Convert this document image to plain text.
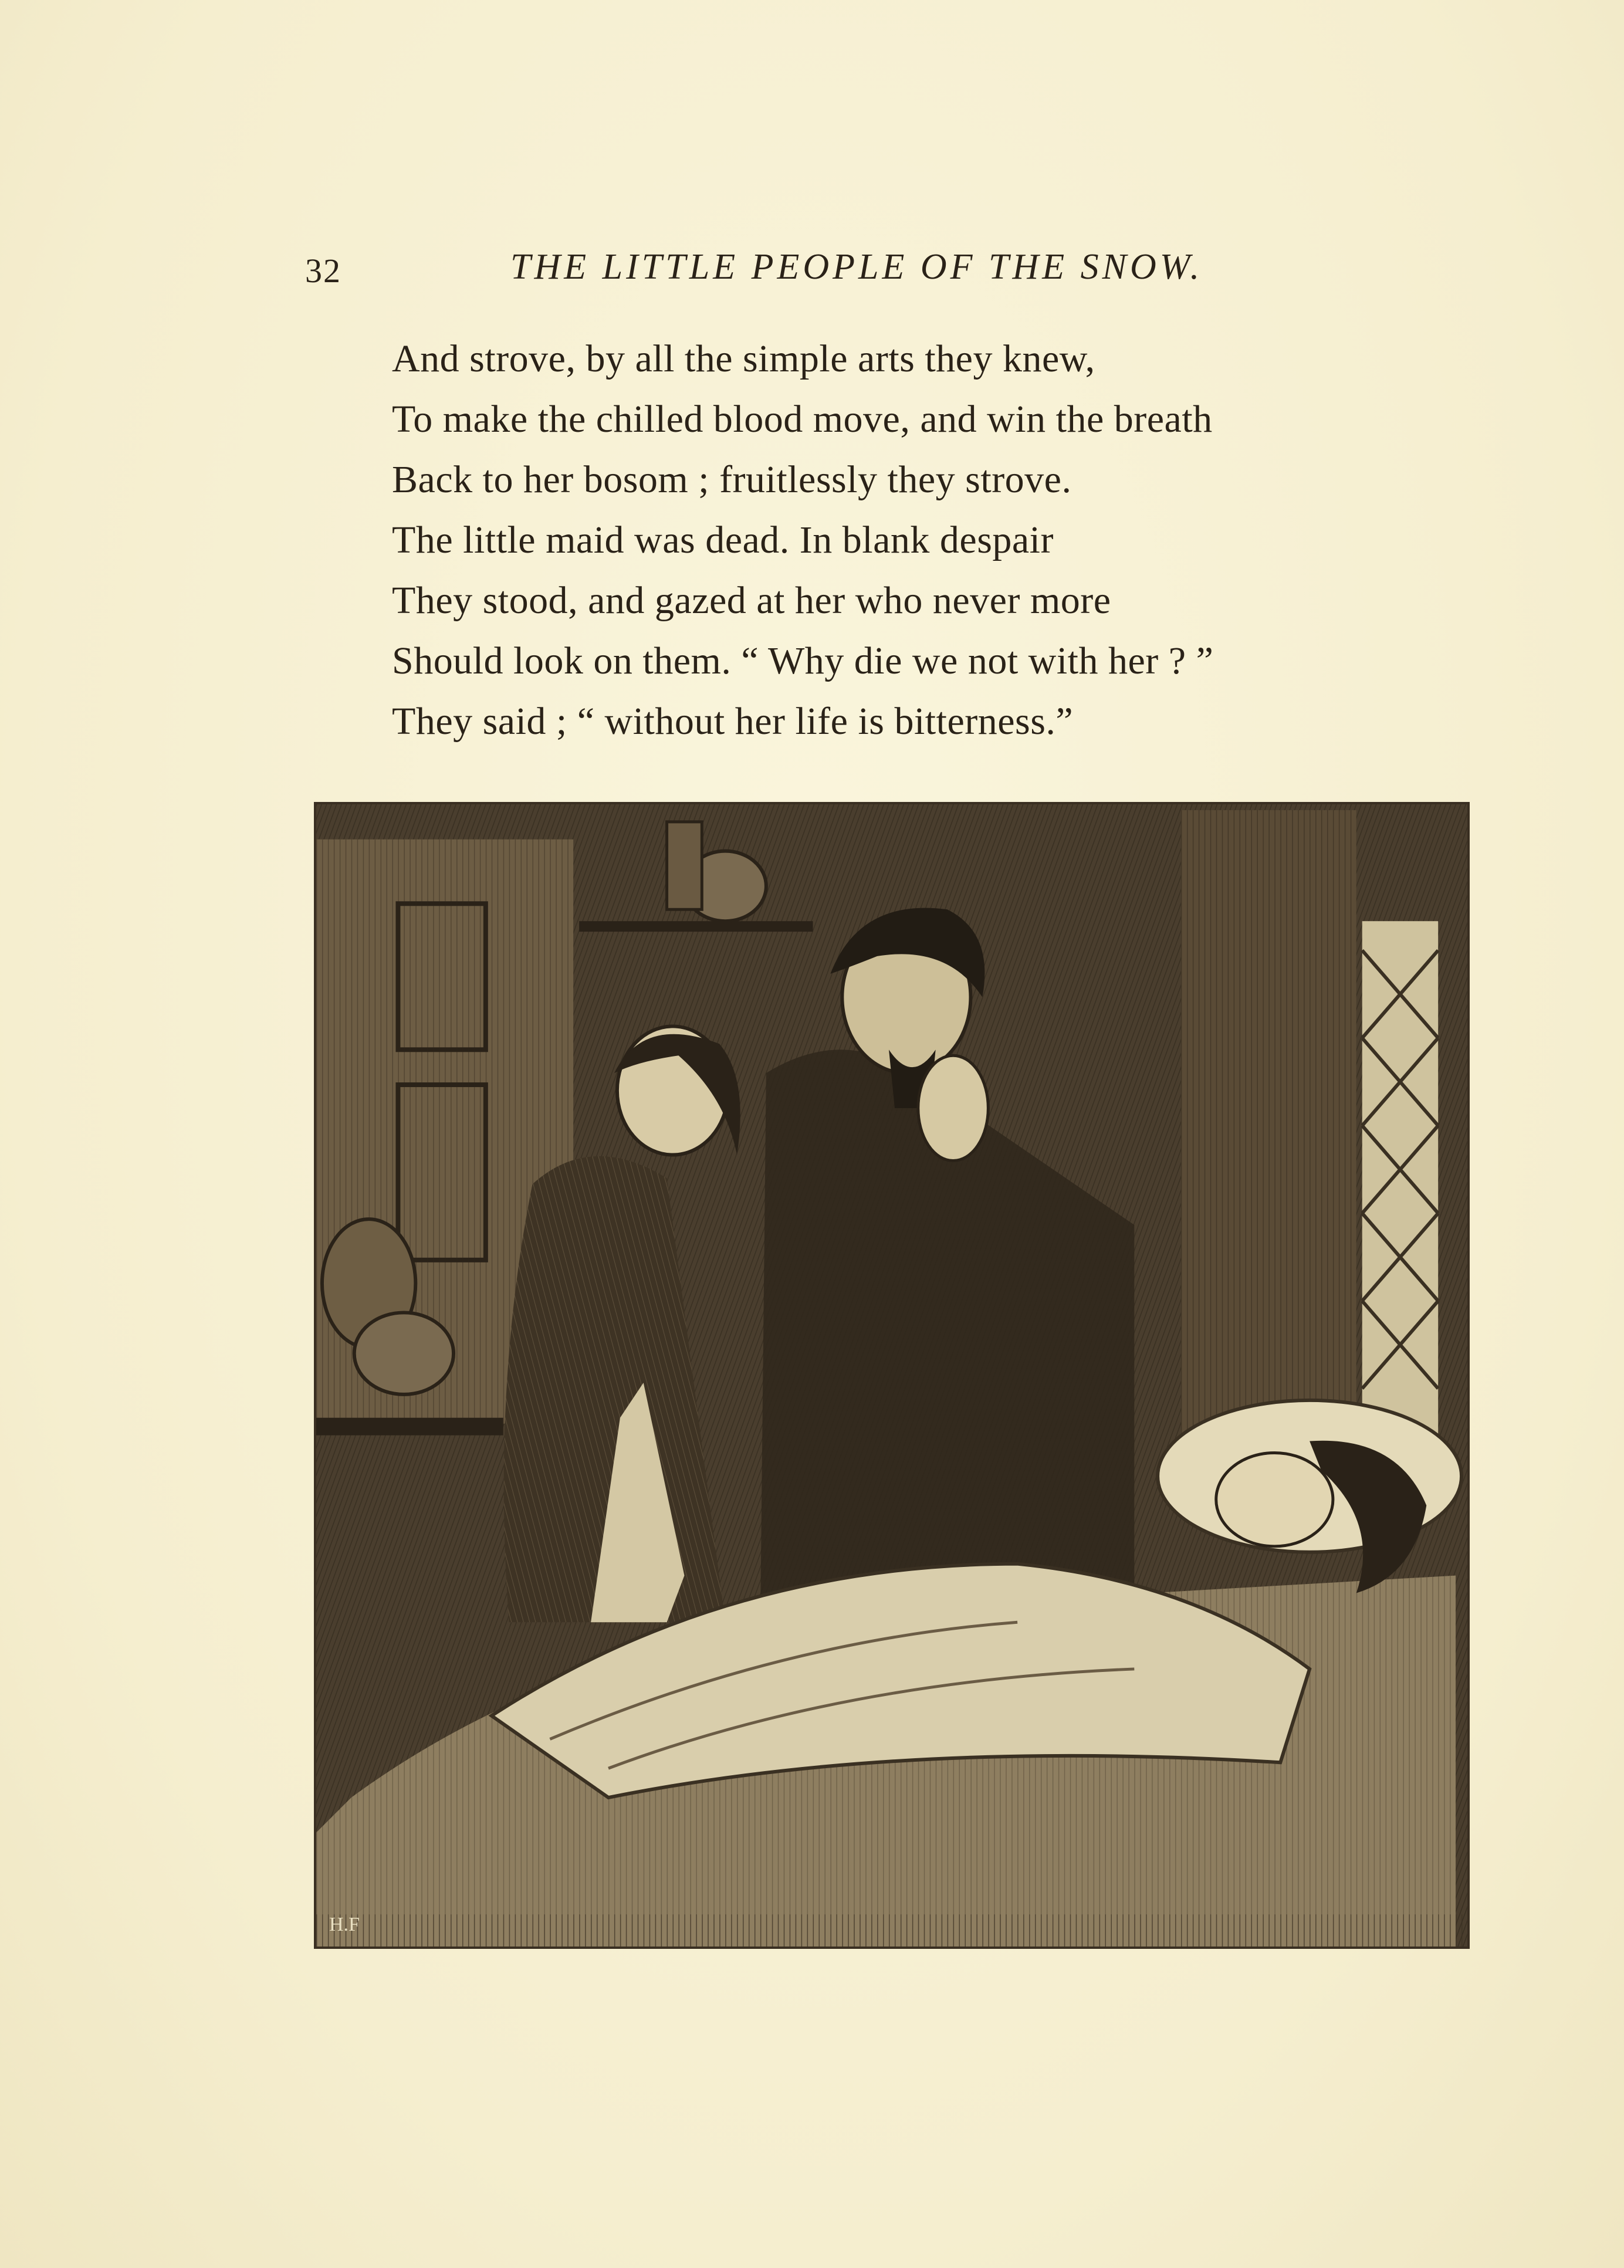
32	THE LITTLE PEOPLE OF THE SNOW.
And strove, by all the simple arts they knew,
To make the chilled blood move, and win the breath
Back to her bosom ; fruitlessly they strove.
The little maid was dead. In blank despair
They stood, and gazed at her who never more
Should look on them. “ Why die we not with her ? ”
They said ; “ without her life is bitterness.”
H.F
